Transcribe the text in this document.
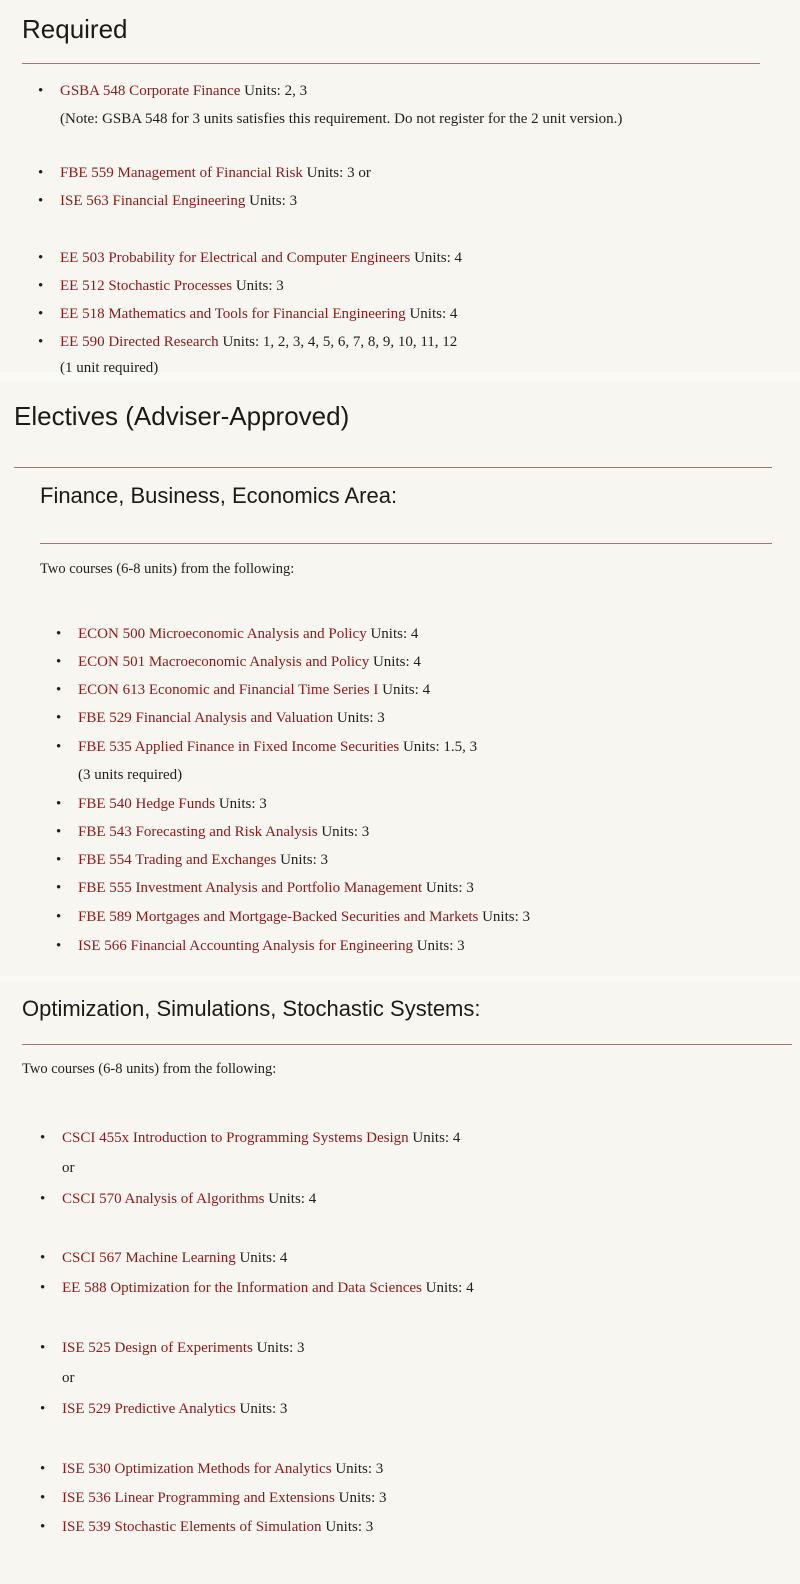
Required
• GSBA 548 Corporate Finance Units: 2, 3
(Note: GSBA 548 for 3 units satisfies this requirement. Do not register for the 2 unit version.)
• FBE 559 Management of Financial Risk Units: 3 or
• ISE 563 Financial Engineering Units: 3
• EE 503 Probability for Electrical and Computer Engineers Units: 4
• EE 512 Stochastic Processes Units: 3
• EE 518 Mathematics and Tools for Financial Engineering Units: 4
• EE 590 Directed Research Units: 1, 2, 3, 4, 5, 6, 7, 8, 9, 10, 11, 12
(1 unit required)
Electives (Adviser-Approved)
Finance, Business, Economics Area:
Two courses (6-8 units) from the following:
• ECON 500 Microeconomic Analysis and Policy Units: 4
• ECON 501 Macroeconomic Analysis and Policy Units: 4
• ECON 613 Economic and Financial Time Series I Units: 4
• FBE 529 Financial Analysis and Valuation Units: 3
• FBE 535 Applied Finance in Fixed Income Securities Units: 1.5, 3
(3 units required)
• FBE 540 Hedge Funds Units: 3
• FBE 543 Forecasting and Risk Analysis Units: 3
• FBE 554 Trading and Exchanges Units: 3
• FBE 555 Investment Analysis and Portfolio Management Units: 3
• FBE 589 Mortgages and Mortgage-Backed Securities and Markets Units: 3
• ISE 566 Financial Accounting Analysis for Engineering Units: 3
Optimization, Simulations, Stochastic Systems:
Two courses (6-8 units) from the following:
• CSCI 455x Introduction to Programming Systems Design Units: 4
or
• CSCI 570 Analysis of Algorithms Units: 4
• CSCI 567 Machine Learning Units: 4
• EE 588 Optimization for the Information and Data Sciences Units: 4
• ISE 525 Design of Experiments Units: 3
or
• ISE 529 Predictive Analytics Units: 3
• ISE 530 Optimization Methods for Analytics Units: 3
• ISE 536 Linear Programming and Extensions Units: 3
• ISE 539 Stochastic Elements of Simulation Units: 3
